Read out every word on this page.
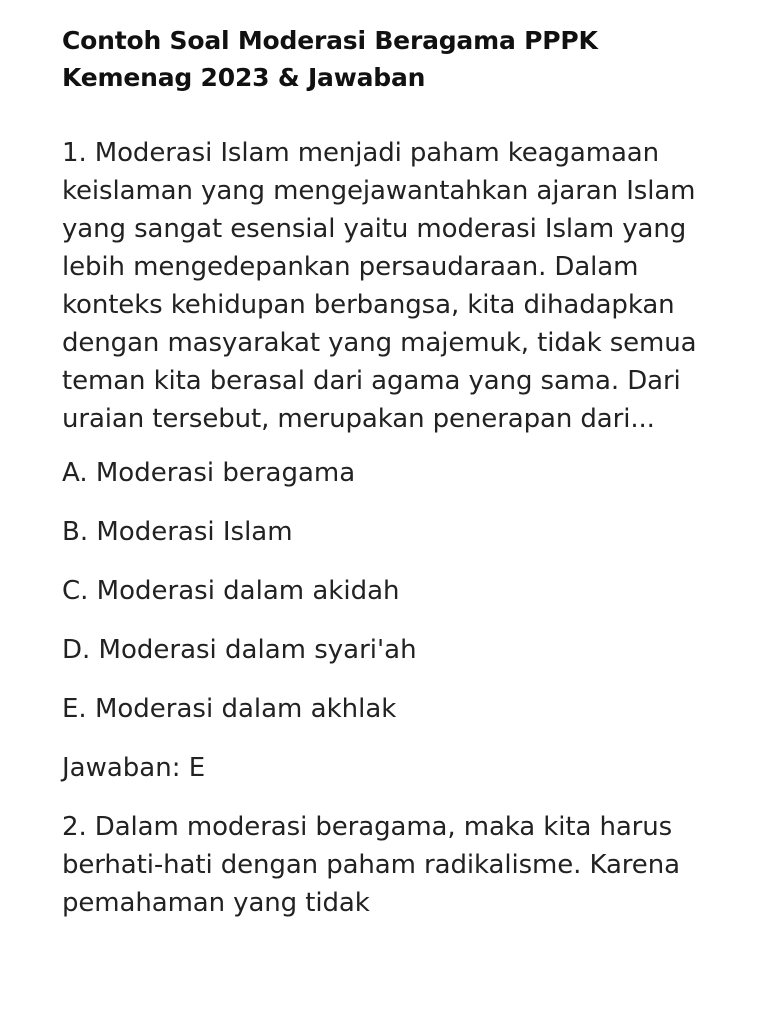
Contoh Soal Moderasi Beragama PPPK Kemenag 2023 & Jawaban

1. Moderasi Islam menjadi paham keagamaan keislaman yang mengejawantahkan ajaran Islam yang sangat esensial yaitu moderasi Islam yang lebih mengedepankan persaudaraan. Dalam konteks kehidupan berbangsa, kita dihadapkan dengan masyarakat yang majemuk, tidak semua teman kita berasal dari agama yang sama. Dari uraian tersebut, merupakan penerapan dari...

A. Moderasi beragama
B. Moderasi Islam
C. Moderasi dalam akidah
D. Moderasi dalam syari'ah
E. Moderasi dalam akhlak

Jawaban: E

2. Dalam moderasi beragama, maka kita harus berhati-hati dengan paham radikalisme. Karena pemahaman yang tidak
